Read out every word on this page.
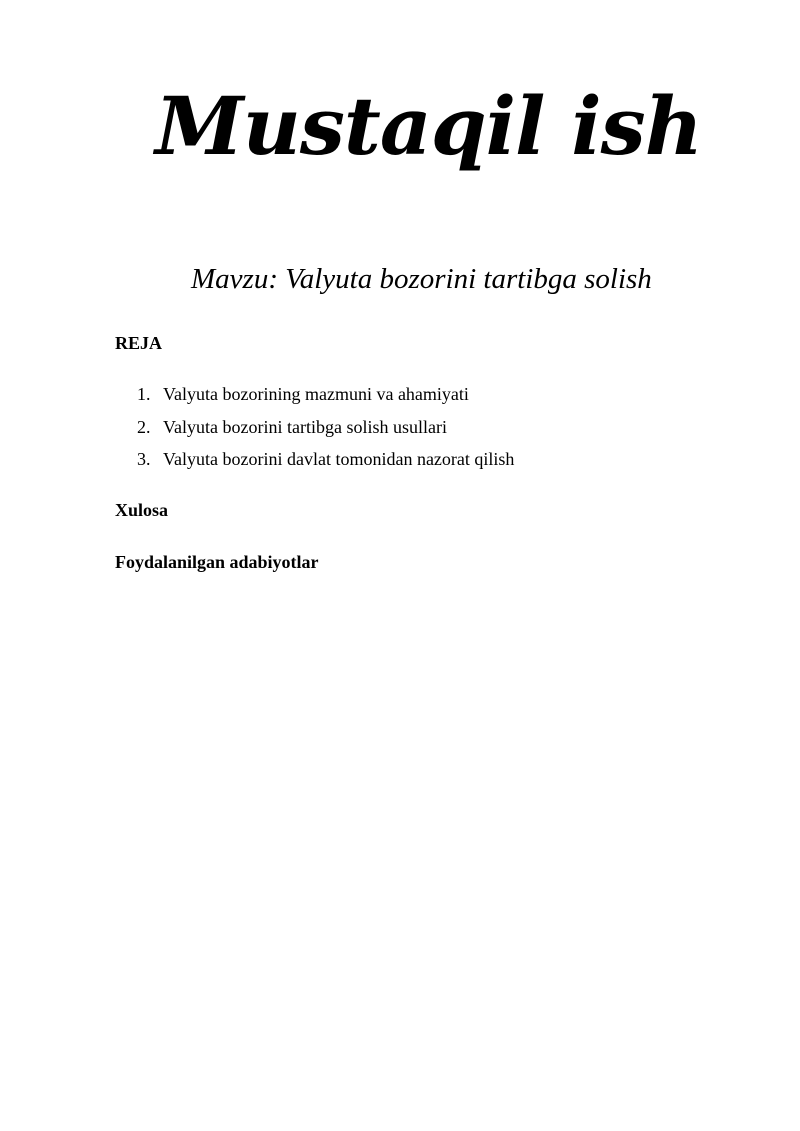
Mustaqil ish
Mavzu: Valyuta bozorini tartibga solish
REJA
1. Valyuta bozorining mazmuni va ahamiyati
2. Valyuta bozorini tartibga solish usullari
3. Valyuta bozorini davlat tomonidan nazorat qilish
Xulosa
Foydalanilgan adabiyotlar
